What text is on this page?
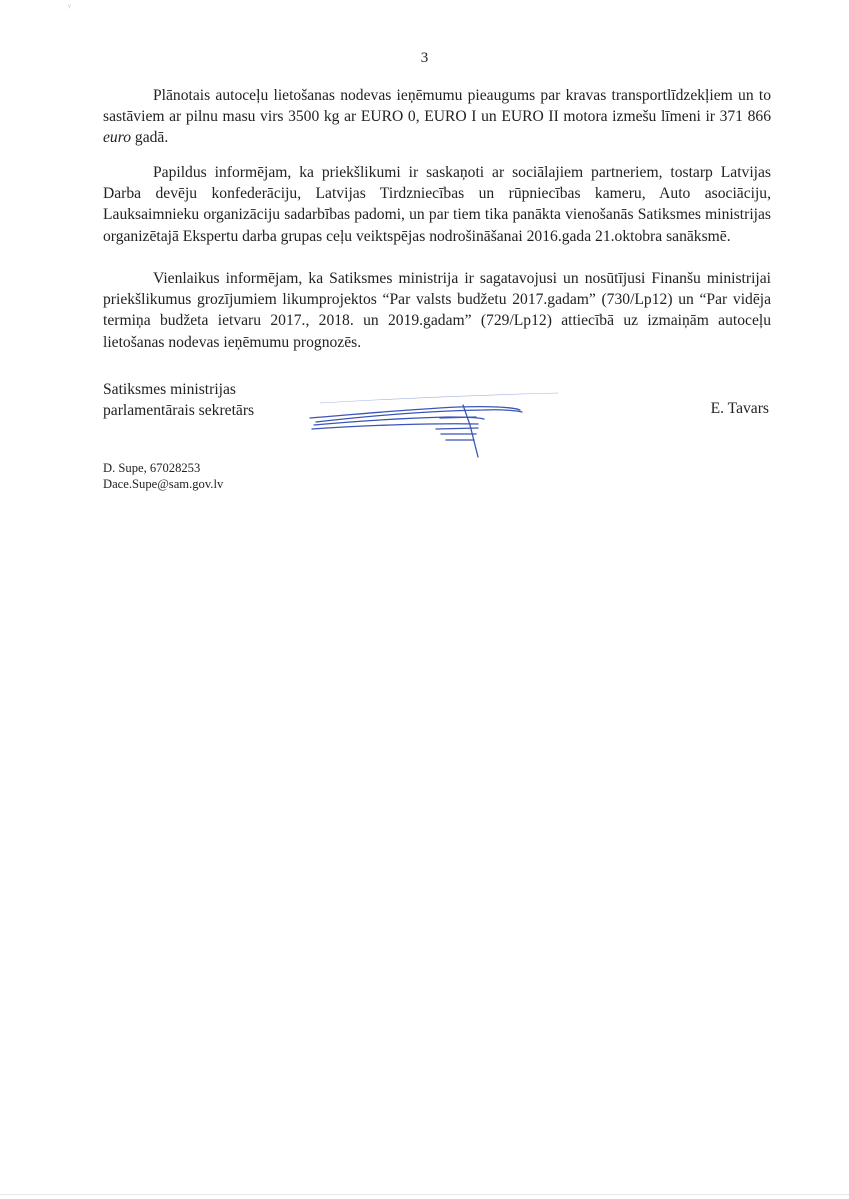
ᵞ
3

Plānotais autoceļu lietošanas nodevas ieņēmumu pieaugums par kravas transportlīdzekļiem un to sastāviem ar pilnu masu virs 3500 kg ar EURO 0, EURO I un EURO II motora izmešu līmeni ir 371 866 euro gadā.

Papildus informējam, ka priekšlikumi ir saskaņoti ar sociālajiem partneriem, tostarp Latvijas Darba devēju konfederāciju, Latvijas Tirdzniecības un rūpniecības kameru, Auto asociāciju, Lauksaimnieku organizāciju sadarbības padomi, un par tiem tika panākta vienošanās Satiksmes ministrijas organizētajā Ekspertu darba grupas ceļu veiktspējas nodrošināšanai 2016.gada 21.oktobra sanāksmē.

Vienlaikus informējam, ka Satiksmes ministrija ir sagatavojusi un nosūtījusi Finanšu ministrijai priekšlikumus grozījumiem likumprojektos “Par valsts budžetu 2017.gadam” (730/Lp12) un “Par vidēja termiņa budžeta ietvaru 2017., 2018. un 2019.gadam” (729/Lp12) attiecībā uz izmaiņām autoceļu lietošanas nodevas ieņēmumu prognozēs.

Satiksmes ministrijas
parlamentārais sekretārs	E. Tavars
D. Supe, 67028253
Dace.Supe@sam.gov.lv
